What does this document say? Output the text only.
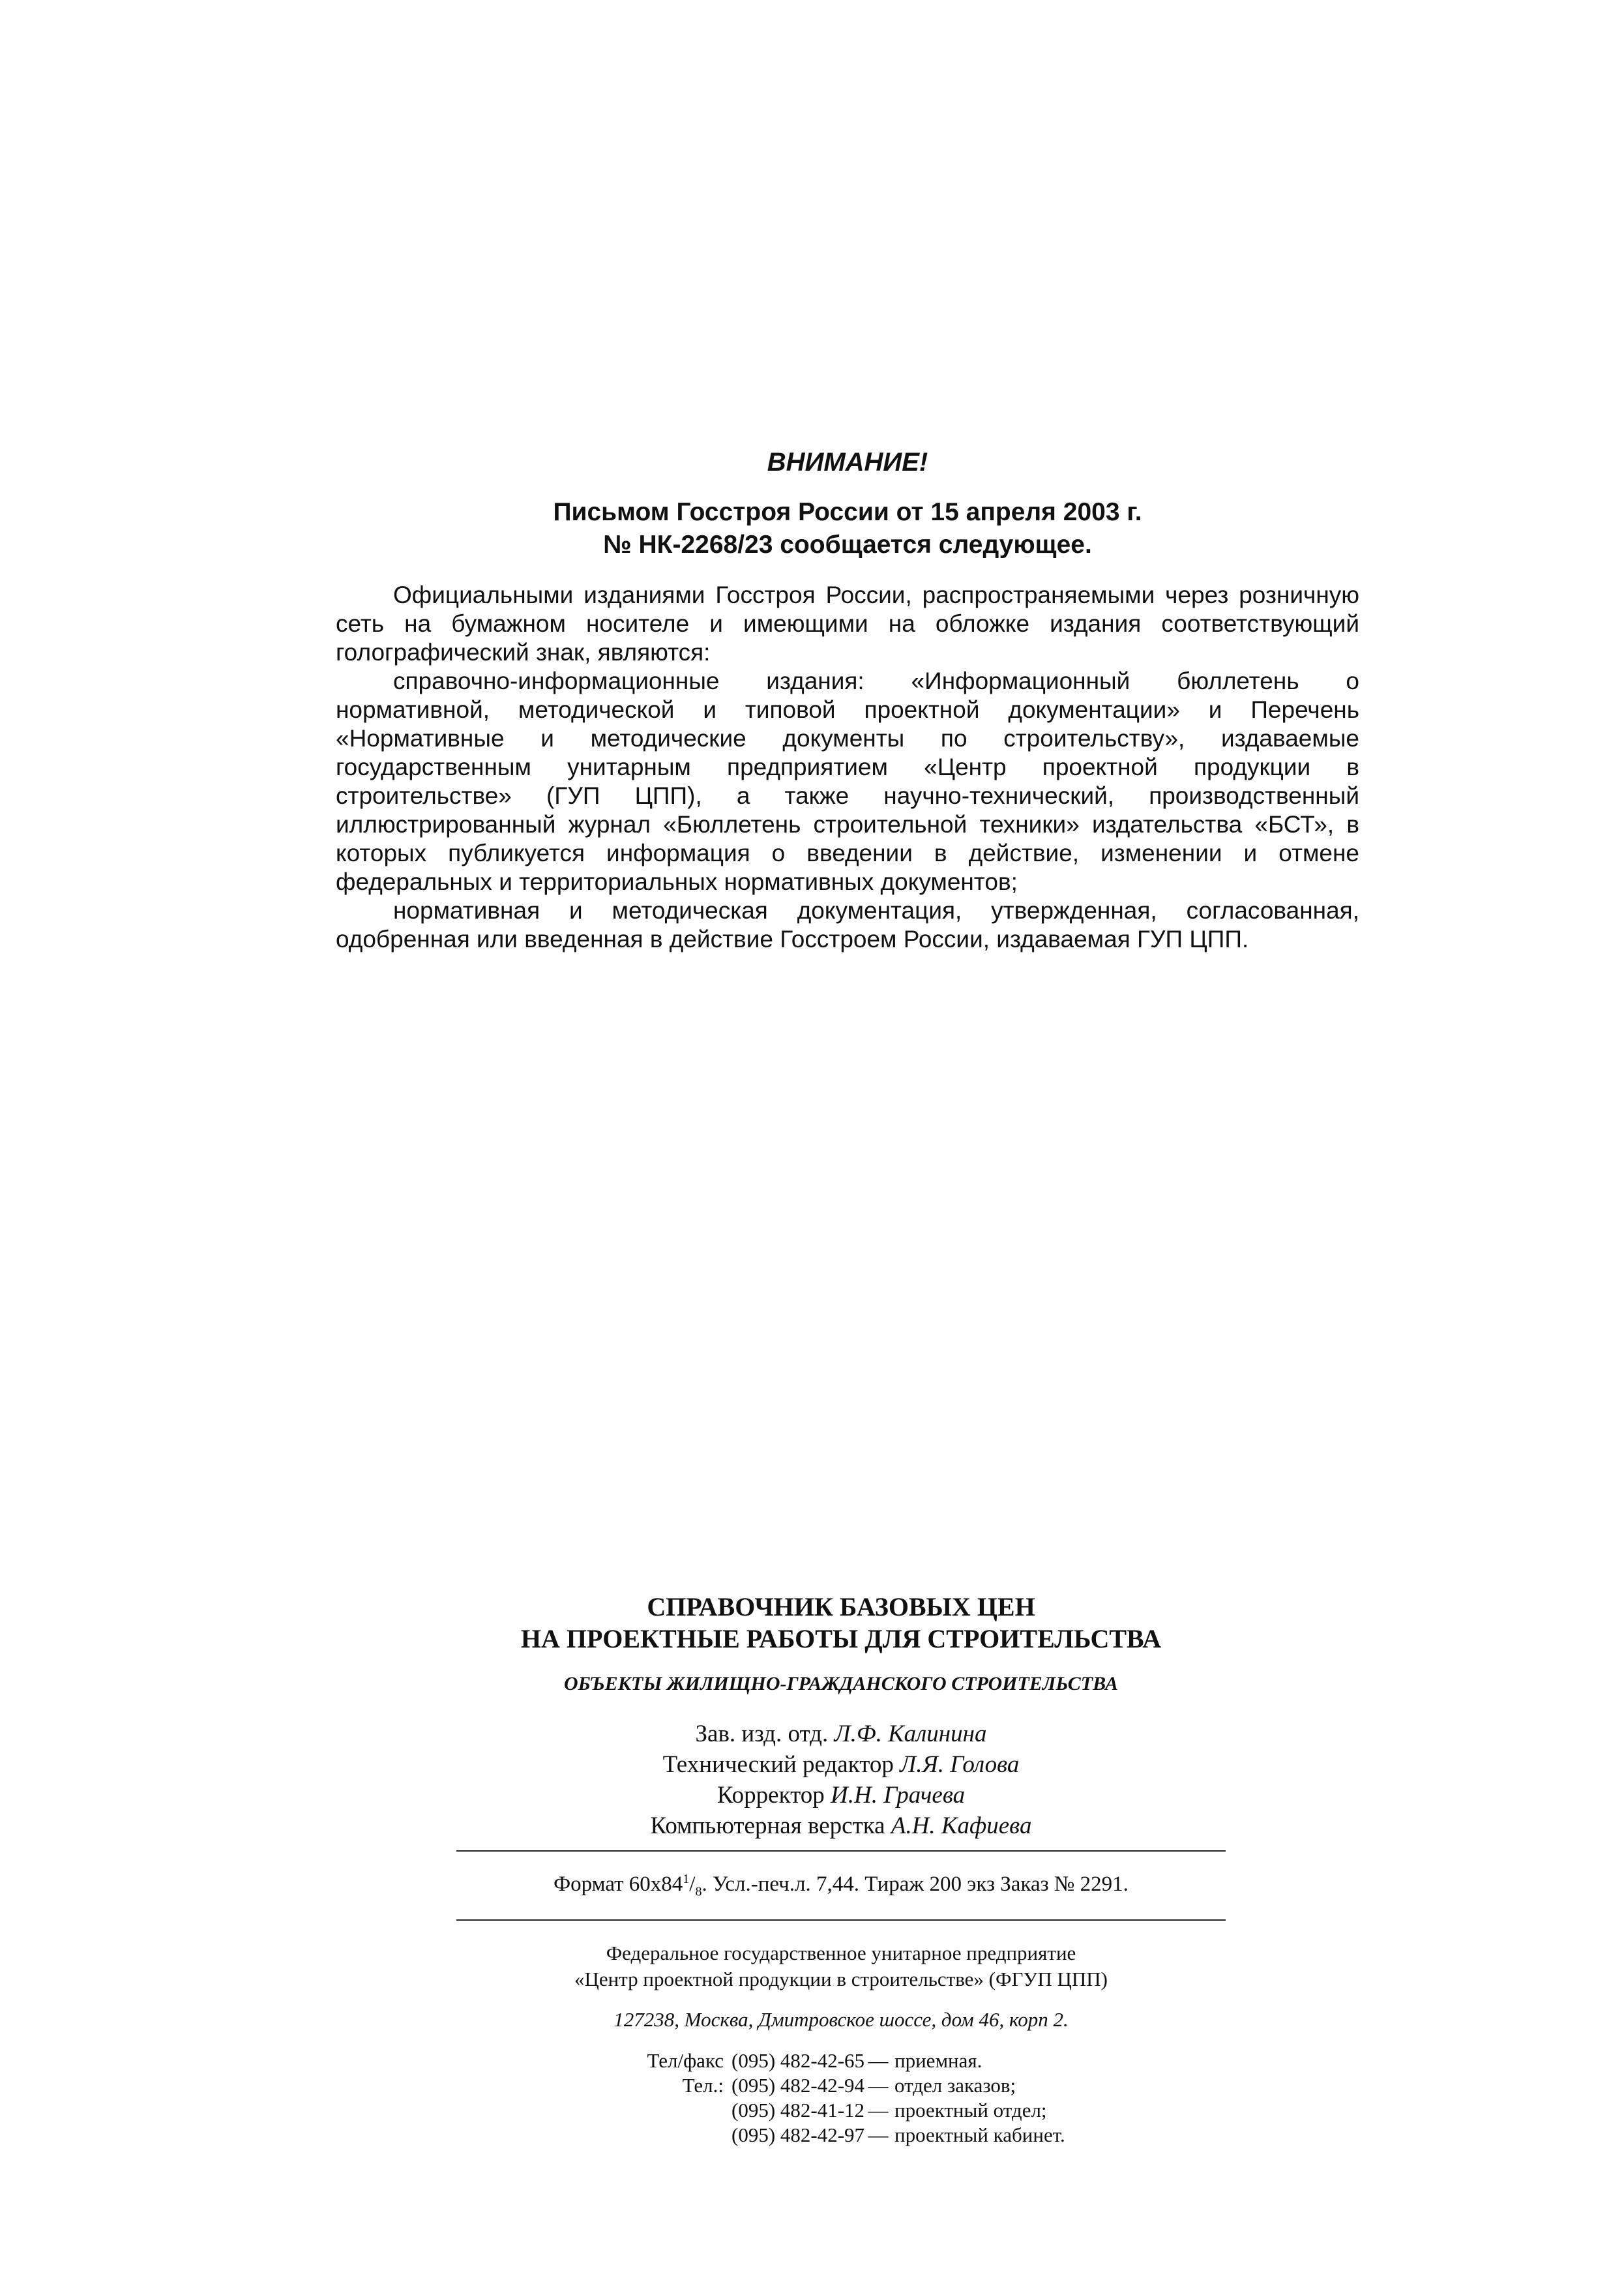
ВНИМАНИЕ!
Письмом Госстроя России от 15 апреля 2003 г.
№ НК-2268/23 сообщается следующее.

Официальными изданиями Госстроя России, распространяемыми через розничную сеть на бумажном носителе и имеющими на обложке издания соответствующий голографический знак, являются:

справочно-информационные издания: «Информационный бюллетень о нормативной, методической и типовой проектной документации» и Перечень «Нормативные и методические документы по строительству», издаваемые государственным унитарным предприятием «Центр проектной продукции в строительстве» (ГУП ЦПП), а также научно-технический, производственный иллюстрированный журнал «Бюллетень строительной техники» издательства «БСТ», в которых публикуется информация о введении в действие, изменении и отмене федеральных и территориальных нормативных документов;

нормативная и методическая документация, утвержденная, согласованная, одобренная или введенная в действие Госстроем России, издаваемая ГУП ЦПП.

СПРАВОЧНИК БАЗОВЫХ ЦЕН
НА ПРОЕКТНЫЕ РАБОТЫ ДЛЯ СТРОИТЕЛЬСТВА
ОБЪЕКТЫ ЖИЛИЩНО-ГРАЖДАНСКОГО СТРОИТЕЛЬСТВА
Зав. изд. отд. Л.Ф. Калинина
Технический редактор Л.Я. Голова
Корректор И.Н. Грачева
Компьютерная верстка А.Н. Кафиева
Формат $60х84^1/_8$. Усл.-печ.л. 7,44. Тираж 200 экз Заказ № 2291.
Федеральное государственное унитарное предприятие
«Центр проектной продукции в строительстве» (ФГУП ЦПП)
127238, Москва, Дмитровское шоссе, дом 46, корп 2.
Тел/факс (095) 482-42-65 — приемная.
Тел.: (095) 482-42-94 — отдел заказов;
(095) 482-41-12 — проектный отдел;
(095) 482-42-97 — проектный кабинет.
